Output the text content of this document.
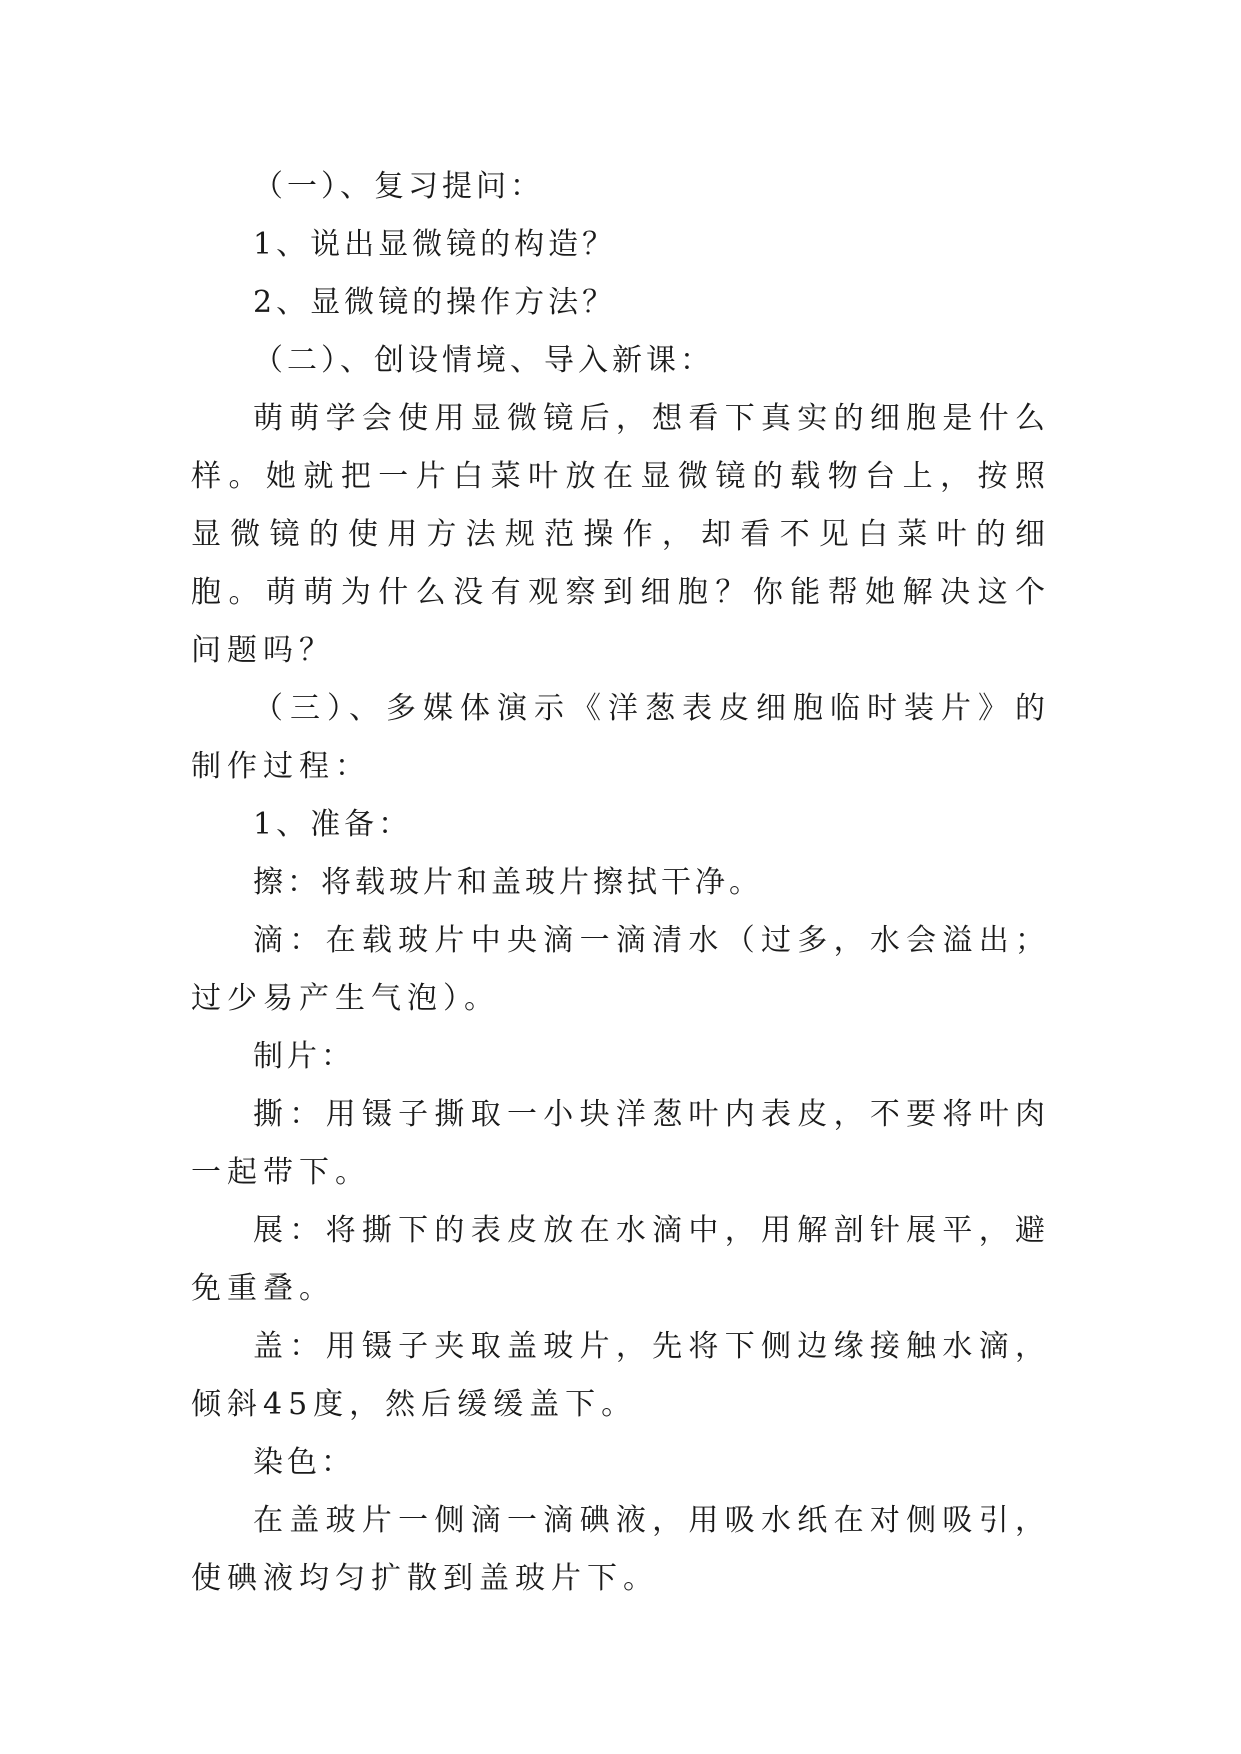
（一）、复习提问：

1、说出显微镜的构造？

2、显微镜的操作方法？

（二）、创设情境、导入新课：

萌萌学会使用显微镜后，想看下真实的细胞是什么样。她就把一片白菜叶放在显微镜的载物台上，按照显微镜的使用方法规范操作，却看不见白菜叶的细胞。萌萌为什么没有观察到细胞？你能帮她解决这个问题吗？

（三）、多媒体演示《洋葱表皮细胞临时装片》的制作过程：

1、准备：

擦：将载玻片和盖玻片擦拭干净。

滴：在载玻片中央滴一滴清水（过多，水会溢出；过少易产生气泡）。

制片：

撕：用镊子撕取一小块洋葱叶内表皮，不要将叶肉一起带下。

展：将撕下的表皮放在水滴中，用解剖针展平，避免重叠。

盖：用镊子夹取盖玻片，先将下侧边缘接触水滴，倾斜45度，然后缓缓盖下。

染色：

在盖玻片一侧滴一滴碘液，用吸水纸在对侧吸引，使碘液均匀扩散到盖玻片下。
